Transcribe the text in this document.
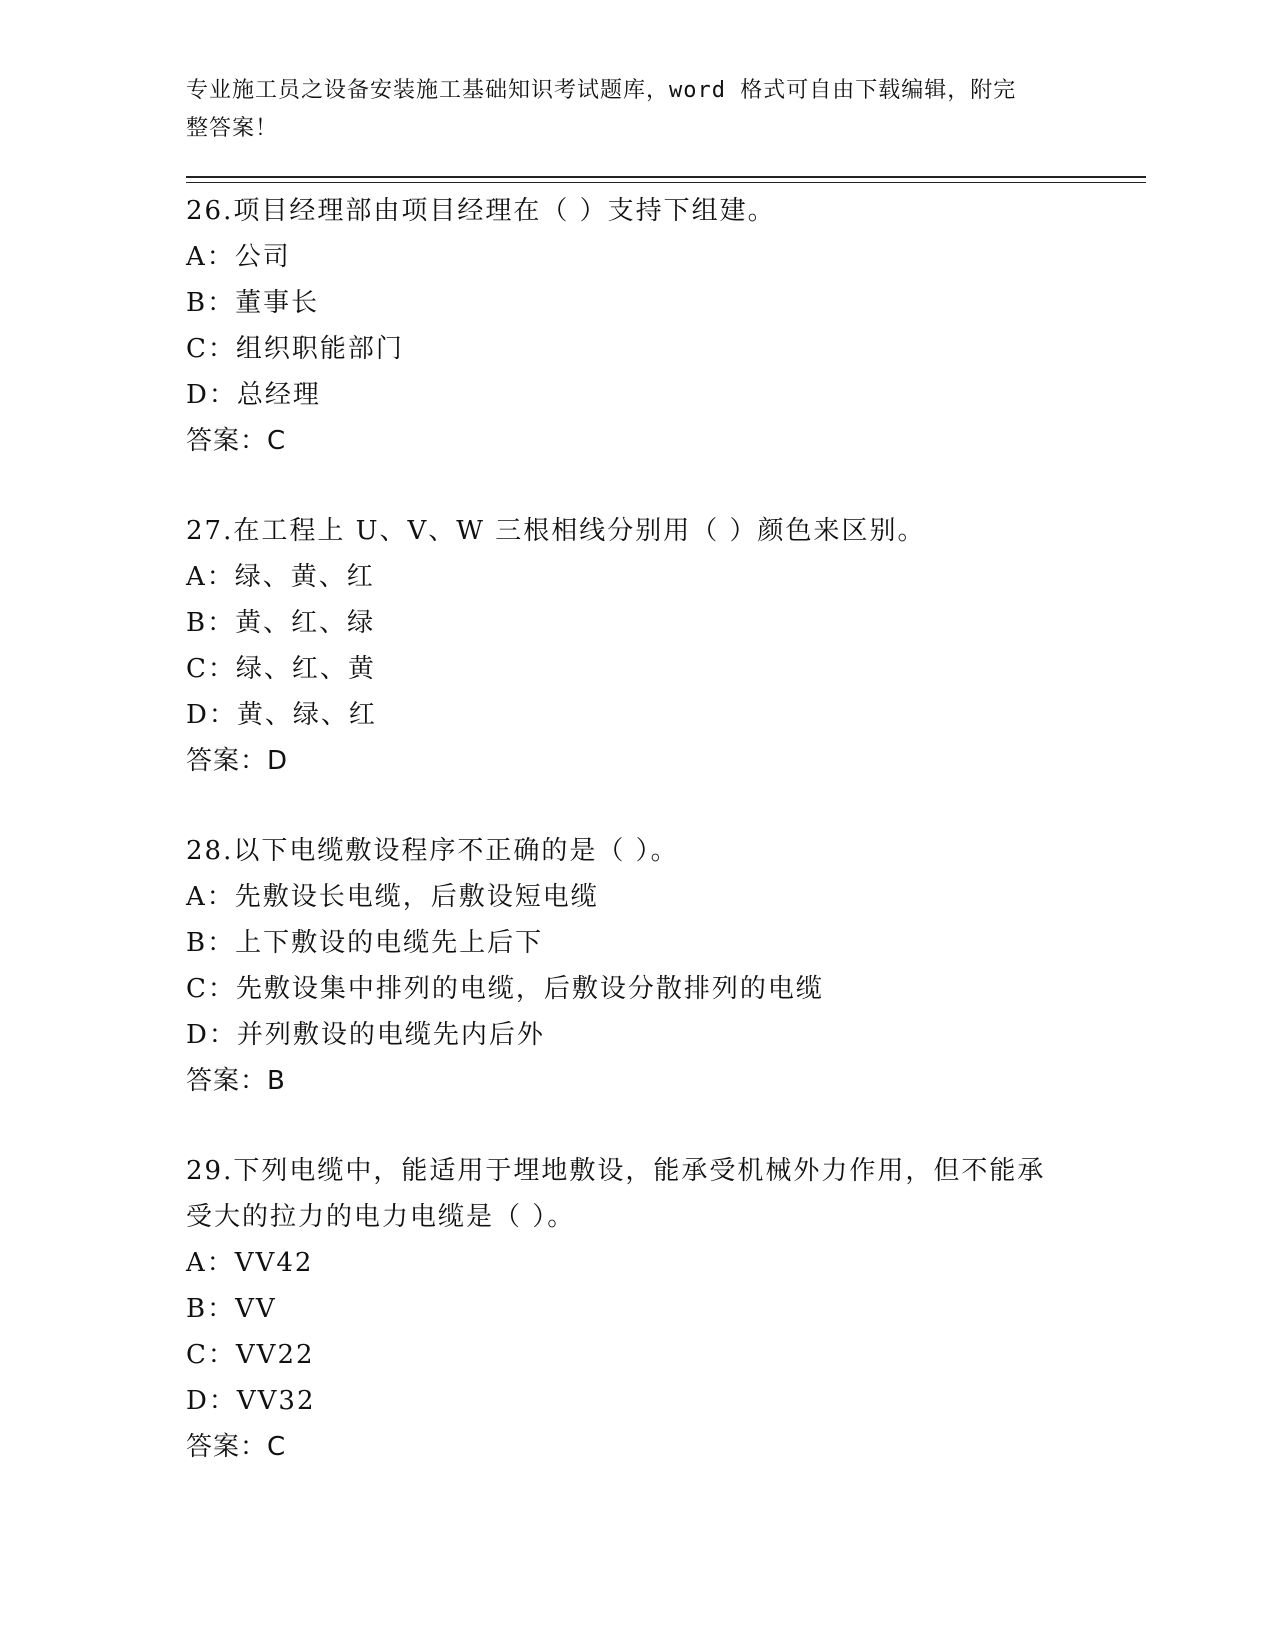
专业施工员之设备安装施工基础知识考试题库，word 格式可自由下载编辑，附完
整答案！

26.项目经理部由项目经理在（ ）支持下组建。

A：公司

B：董事长

C：组织职能部门

D：总经理

答案：C

27.在工程上 U、V、W 三根相线分别用（ ）颜色来区别。

A：绿、黄、红

B：黄、红、绿

C：绿、红、黄

D：黄、绿、红

答案：D

28.以下电缆敷设程序不正确的是（ ）。

A：先敷设长电缆，后敷设短电缆

B：上下敷设的电缆先上后下

C：先敷设集中排列的电缆，后敷设分散排列的电缆

D：并列敷设的电缆先内后外

答案：B

29.下列电缆中，能适用于埋地敷设，能承受机械外力作用，但不能承

受大的拉力的电力电缆是（ ）。

A：VV42

B：VV

C：VV22

D：VV32

答案：C
